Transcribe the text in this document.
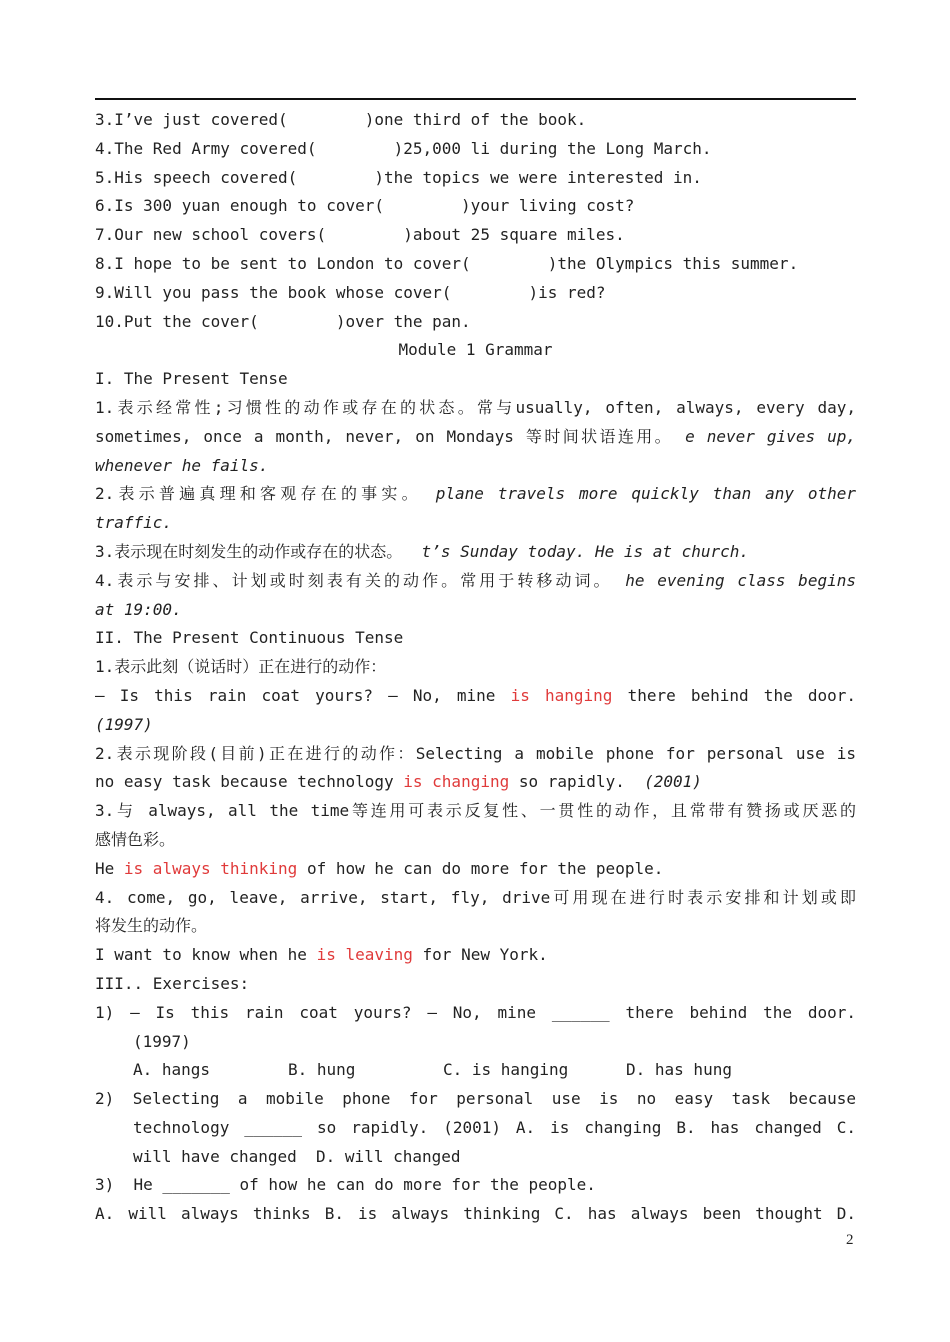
3.I’ve just covered(        )one third of the book.
4.The Red Army covered(        )25,000 li during the Long March.
5.His speech covered(        )the topics we were interested in.
6.Is 300 yuan enough to cover(        )your living cost?
7.Our new school covers(        )about 25 square miles.
8.I hope to be sent to London to cover(        )the Olympics this summer.
9.Will you pass the book whose cover(        )is red?
10.Put the cover(        )over the pan.
Module 1 Grammar
I. The Present Tense
1.表示经常性;习惯性的动作或存在的状态。常与usually, often, always, every day,
sometimes, once a month, never, on Mondays 等时间状语连用。 e never gives up,
whenever he fails.
2.表示普遍真理和客观存在的事实。 plane travels more quickly than any other
traffic.
3.表示现在时刻发生的动作或存在的状态。 t’s Sunday today. He is at church.
4.表示与安排、计划或时刻表有关的动作。常用于转移动词。 he evening class begins
at 19:00.
II. The Present Continuous Tense
1.表示此刻（说话时）正在进行的动作：
— Is this rain coat yours? — No, mine is hanging there behind the door.
(1997)
2.表示现阶段(目前)正在进行的动作：Selecting a mobile phone for personal use is
no easy task because technology is changing so rapidly. (2001)
3.与 always, all the time等连用可表示反复性、一贯性的动作，且常带有赞扬或厌恶的
感情色彩。
He is always thinking of how he can do more for the people.
4. come, go, leave, arrive, start, fly, drive可用现在进行时表示安排和计划或即
将发生的动作。
I want to know when he is leaving for New York.
III.. Exercises:
1) — Is this rain coat yours? — No, mine ______ there behind the door.
(1997)
A. hangs	B. hung	C. is hanging	D. has hung
2) Selecting a mobile phone for personal use is no easy task because
technology ______ so rapidly. (2001) A. is changing B. has changed C.
will have changed  D. will changed
3)  He _______ of how he can do more for the people.
A. will always thinks B. is always thinking C. has always been thought D.
2
